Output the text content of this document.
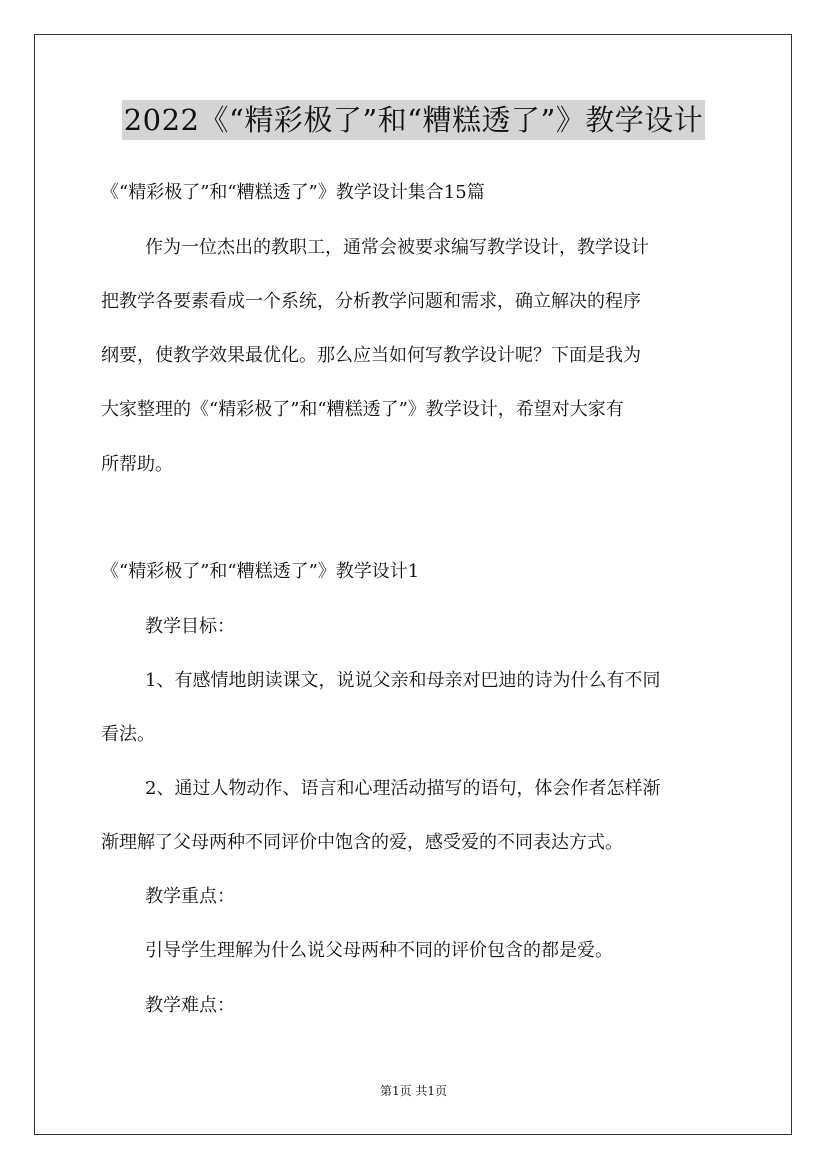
2022《“精彩极了”和“糟糕透了”》教学设计
《“精彩极了”和“糟糕透了”》教学设计集合15篇
作为一位杰出的教职工，通常会被要求编写教学设计，教学设计
把教学各要素看成一个系统，分析教学问题和需求，确立解决的程序
纲要，使教学效果最优化。那么应当如何写教学设计呢？下面是我为
大家整理的《“精彩极了”和“糟糕透了”》教学设计，希望对大家有
所帮助。
《“精彩极了”和“糟糕透了”》教学设计1
教学目标：
1、有感情地朗读课文，说说父亲和母亲对巴迪的诗为什么有不同
看法。
2、通过人物动作、语言和心理活动描写的语句，体会作者怎样渐
渐理解了父母两种不同评价中饱含的爱，感受爱的不同表达方式。
教学重点：
引导学生理解为什么说父母两种不同的评价包含的都是爱。
教学难点：
第1页 共1页
